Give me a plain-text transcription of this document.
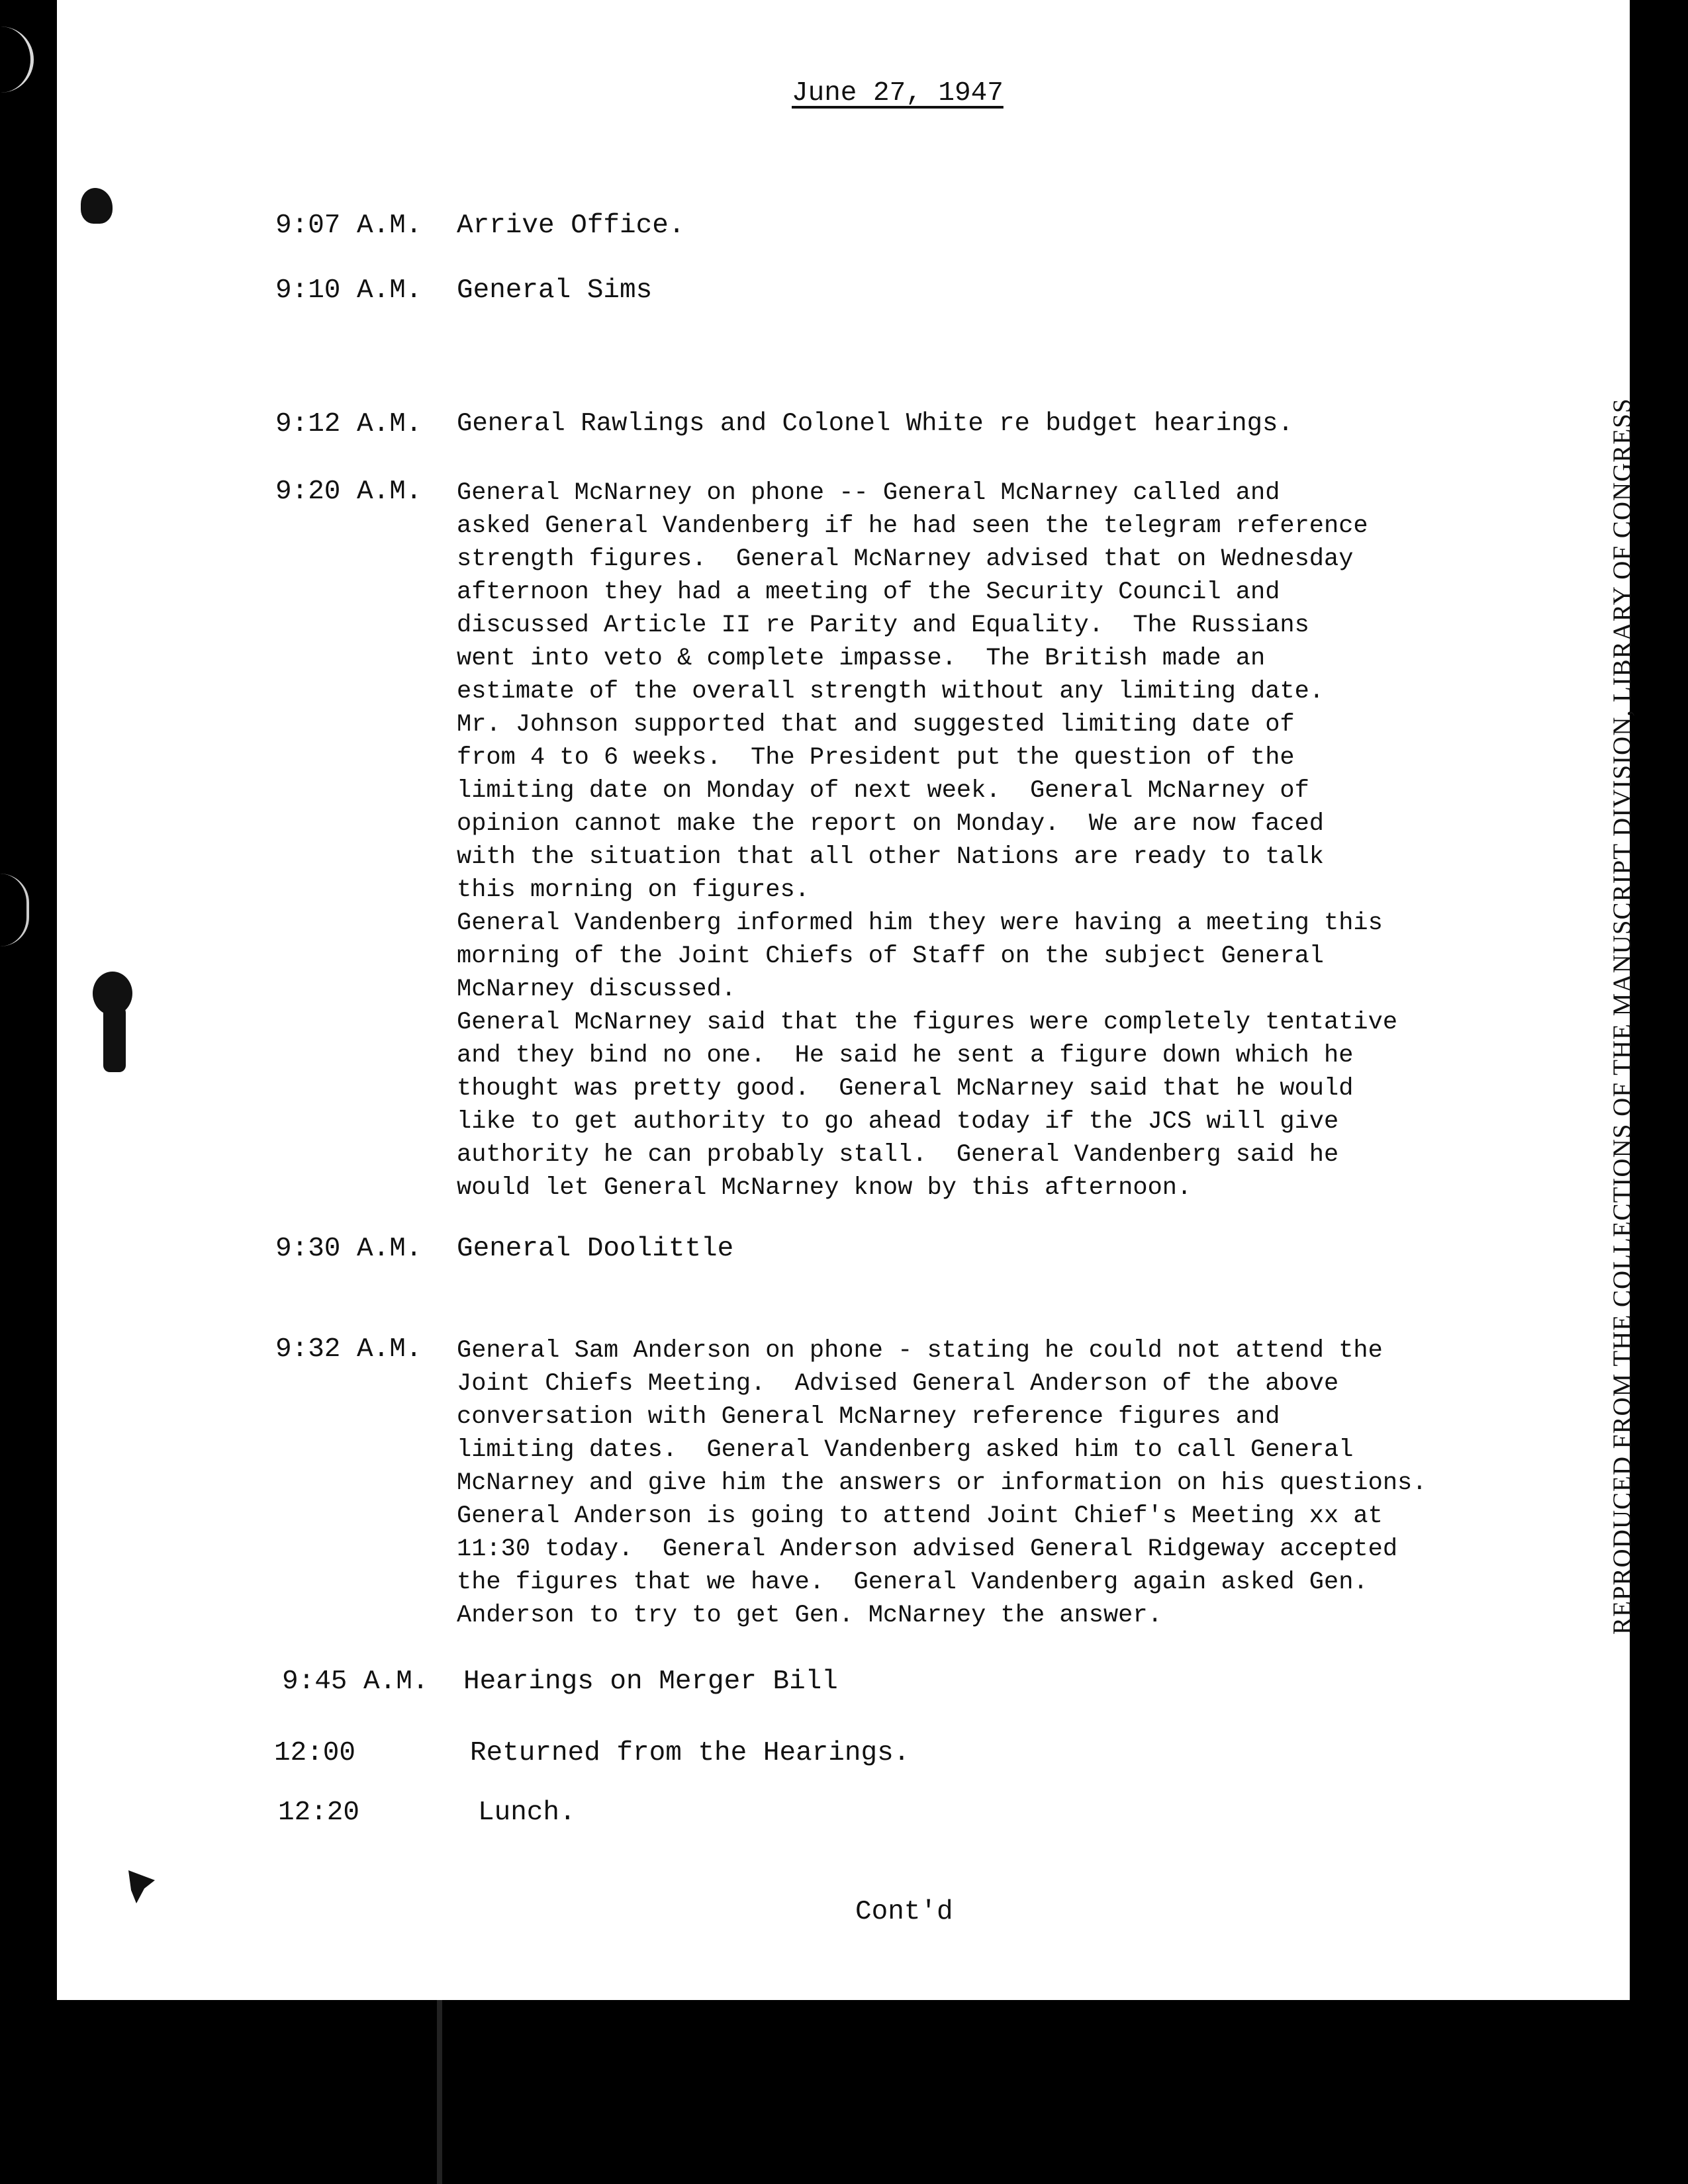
June 27, 1947

9:07 A.M. Arrive Office.

9:10 A.M. General Sims

9:12 A.M. General Rawlings and Colonel White re budget hearings.

9:20 A.M. General McNarney on phone -- General McNarney called and
asked General Vandenberg if he had seen the telegram reference
strength figures.  General McNarney advised that on Wednesday
afternoon they had a meeting of the Security Council and
discussed Article II re Parity and Equality.  The Russians
went into veto & complete impasse.  The British made an
estimate of the overall strength without any limiting date.
Mr. Johnson supported that and suggested limiting date of
from 4 to 6 weeks.  The President put the question of the
limiting date on Monday of next week.  General McNarney of
opinion cannot make the report on Monday.  We are now faced
with the situation that all other Nations are ready to talk
this morning on figures.
General Vandenberg informed him they were having a meeting this
morning of the Joint Chiefs of Staff on the subject General
McNarney discussed.
General McNarney said that the figures were completely tentative
and they bind no one.  He said he sent a figure down which he
thought was pretty good.  General McNarney said that he would
like to get authority to go ahead today if the JCS will give
authority he can probably stall.  General Vandenberg said he
would let General McNarney know by this afternoon.

9:30 A.M. General Doolittle

9:32 A.M. General Sam Anderson on phone - stating he could not attend the
Joint Chiefs Meeting.  Advised General Anderson of the above
conversation with General McNarney reference figures and
limiting dates.  General Vandenberg asked him to call General
McNarney and give him the answers or information on his questions.
General Anderson is going to attend Joint Chief's Meeting xx at
11:30 today.  General Anderson advised General Ridgeway accepted
the figures that we have.  General Vandenberg again asked Gen.
Anderson to try to get Gen. McNarney the answer.

9:45 A.M. Hearings on Merger Bill

12:00	Returned from the Hearings.

12:20	Lunch.

Cont'd

REPRODUCED FROM THE COLLECTIONS OF THE MANUSCRIPT DIVISION, LIBRARY OF CONGRESS
